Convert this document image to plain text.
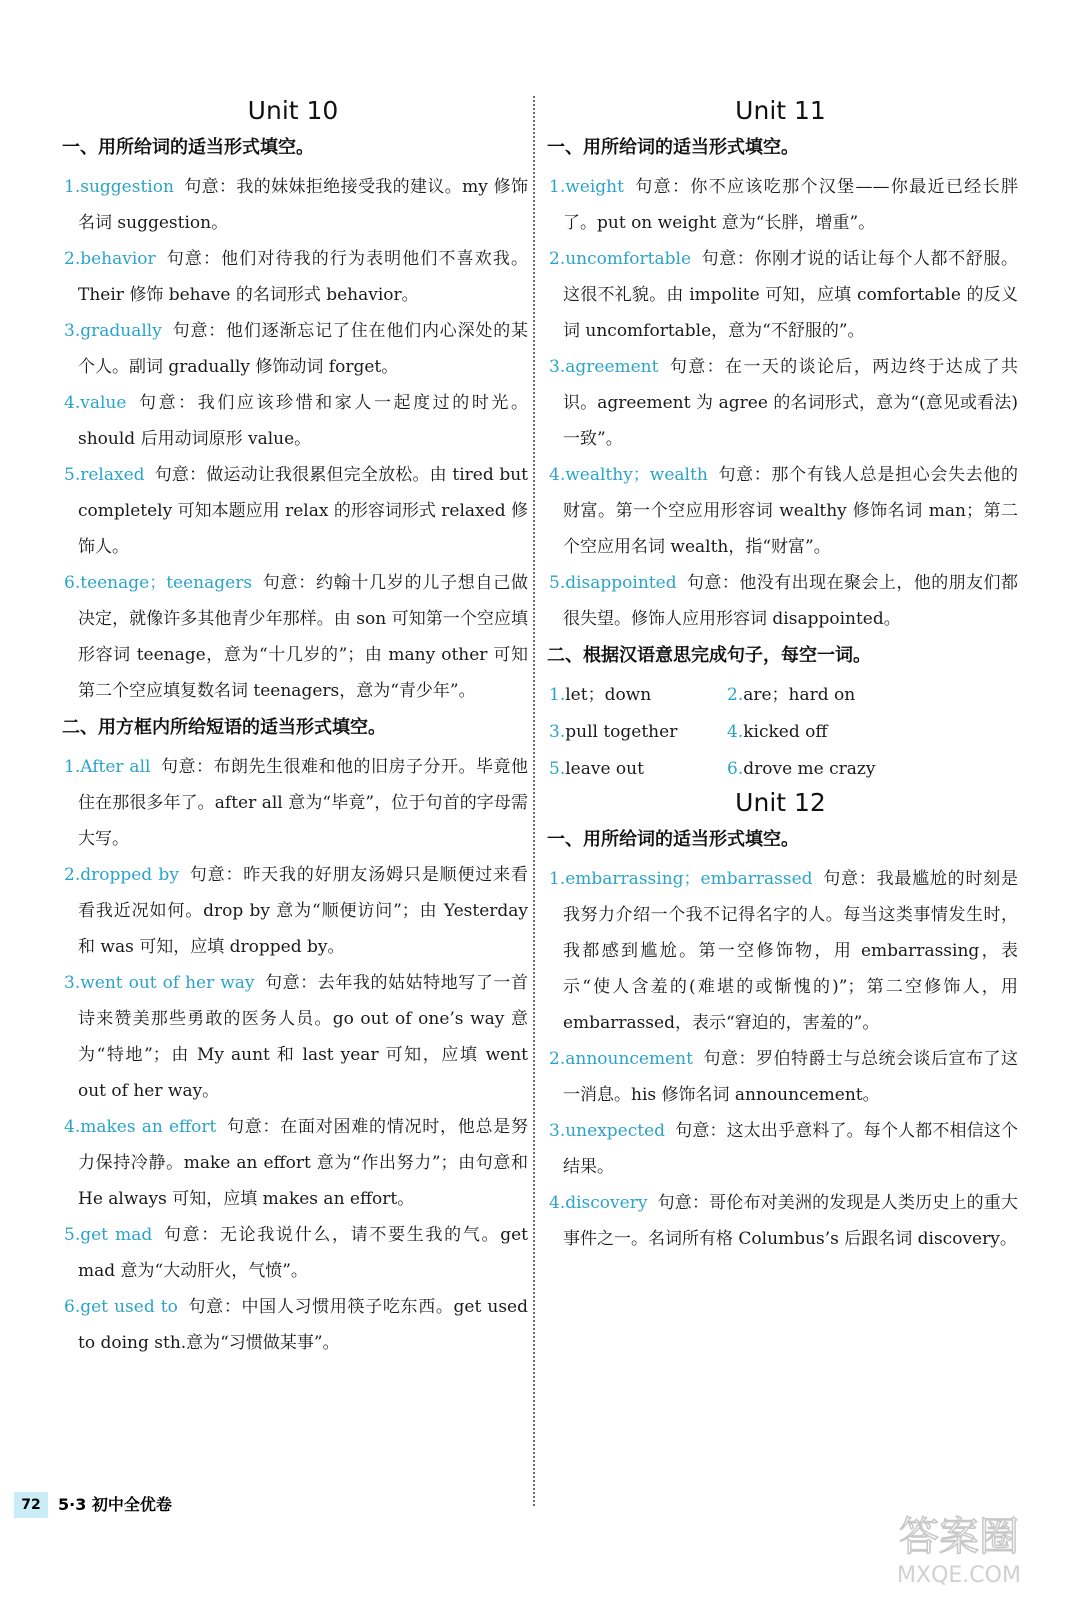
Unit 10
一、用所给词的适当形式填空。

1.suggestion 句意：我的妹妹拒绝接受我的建议。my 修饰名词 suggestion。

2.behavior 句意：他们对待我的行为表明他们不喜欢我。Their 修饰 behave 的名词形式 behavior。

3.gradually 句意：他们逐渐忘记了住在他们内心深处的某个人。副词 gradually 修饰动词 forget。

4.value 句意：我们应该珍惜和家人一起度过的时光。should 后用动词原形 value。

5.relaxed 句意：做运动让我很累但完全放松。由 tired but completely 可知本题应用 relax 的形容词形式 relaxed 修饰人。

6.teenage；teenagers 句意：约翰十几岁的儿子想自己做决定，就像许多其他青少年那样。由 son 可知第一个空应填形容词 teenage，意为“十几岁的”；由 many other 可知第二个空应填复数名词 teenagers，意为“青少年”。

二、用方框内所给短语的适当形式填空。

1.After all 句意：布朗先生很难和他的旧房子分开。毕竟他住在那很多年了。after all 意为“毕竟”，位于句首的字母需大写。

2.dropped by 句意：昨天我的好朋友汤姆只是顺便过来看看我近况如何。drop by 意为“顺便访问”；由 Yesterday 和 was 可知，应填 dropped by。

3.went out of her way 句意：去年我的姑姑特地写了一首诗来赞美那些勇敢的医务人员。go out of one’s way 意为“特地”；由 My aunt 和 last year 可知，应填 went out of her way。

4.makes an effort 句意：在面对困难的情况时，他总是努力保持冷静。make an effort 意为“作出努力”；由句意和 He always 可知，应填 makes an effort。

5.get mad 句意：无论我说什么，请不要生我的气。get mad 意为“大动肝火，气愤”。

6.get used to 句意：中国人习惯用筷子吃东西。get used to doing sth.意为“习惯做某事”。

Unit 11
一、用所给词的适当形式填空。

1.weight 句意：你不应该吃那个汉堡——你最近已经长胖了。put on weight 意为“长胖，增重”。

2.uncomfortable 句意：你刚才说的话让每个人都不舒服。这很不礼貌。由 impolite 可知，应填 comfortable 的反义词 uncomfortable，意为“不舒服的”。

3.agreement 句意：在一天的谈论后，两边终于达成了共识。agreement 为 agree 的名词形式，意为“(意见或看法)一致”。

4.wealthy；wealth 句意：那个有钱人总是担心会失去他的财富。第一个空应用形容词 wealthy 修饰名词 man；第二个空应用名词 wealth，指“财富”。

5.disappointed 句意：他没有出现在聚会上，他的朋友们都很失望。修饰人应用形容词 disappointed。

二、根据汉语意思完成句子，每空一词。
1.let；down	2.are；hard on
3.pull together	4.kicked off
5.leave out	6.drove me crazy
Unit 12
一、用所给词的适当形式填空。

1.embarrassing；embarrassed 句意：我最尴尬的时刻是我努力介绍一个我不记得名字的人。每当这类事情发生时，我都感到尴尬。第一空修饰物，用 embarrassing，表示“使人含羞的(难堪的或惭愧的)”；第二空修饰人，用 embarrassed，表示“窘迫的，害羞的”。

2.announcement 句意：罗伯特爵士与总统会谈后宣布了这一消息。his 修饰名词 announcement。

3.unexpected 句意：这太出乎意料了。每个人都不相信这个结果。

4.discovery 句意：哥伦布对美洲的发现是人类历史上的重大事件之一。名词所有格 Columbus’s 后跟名词 discovery。

72	5·3 初中全优卷
答案圈
MXQE.COM
